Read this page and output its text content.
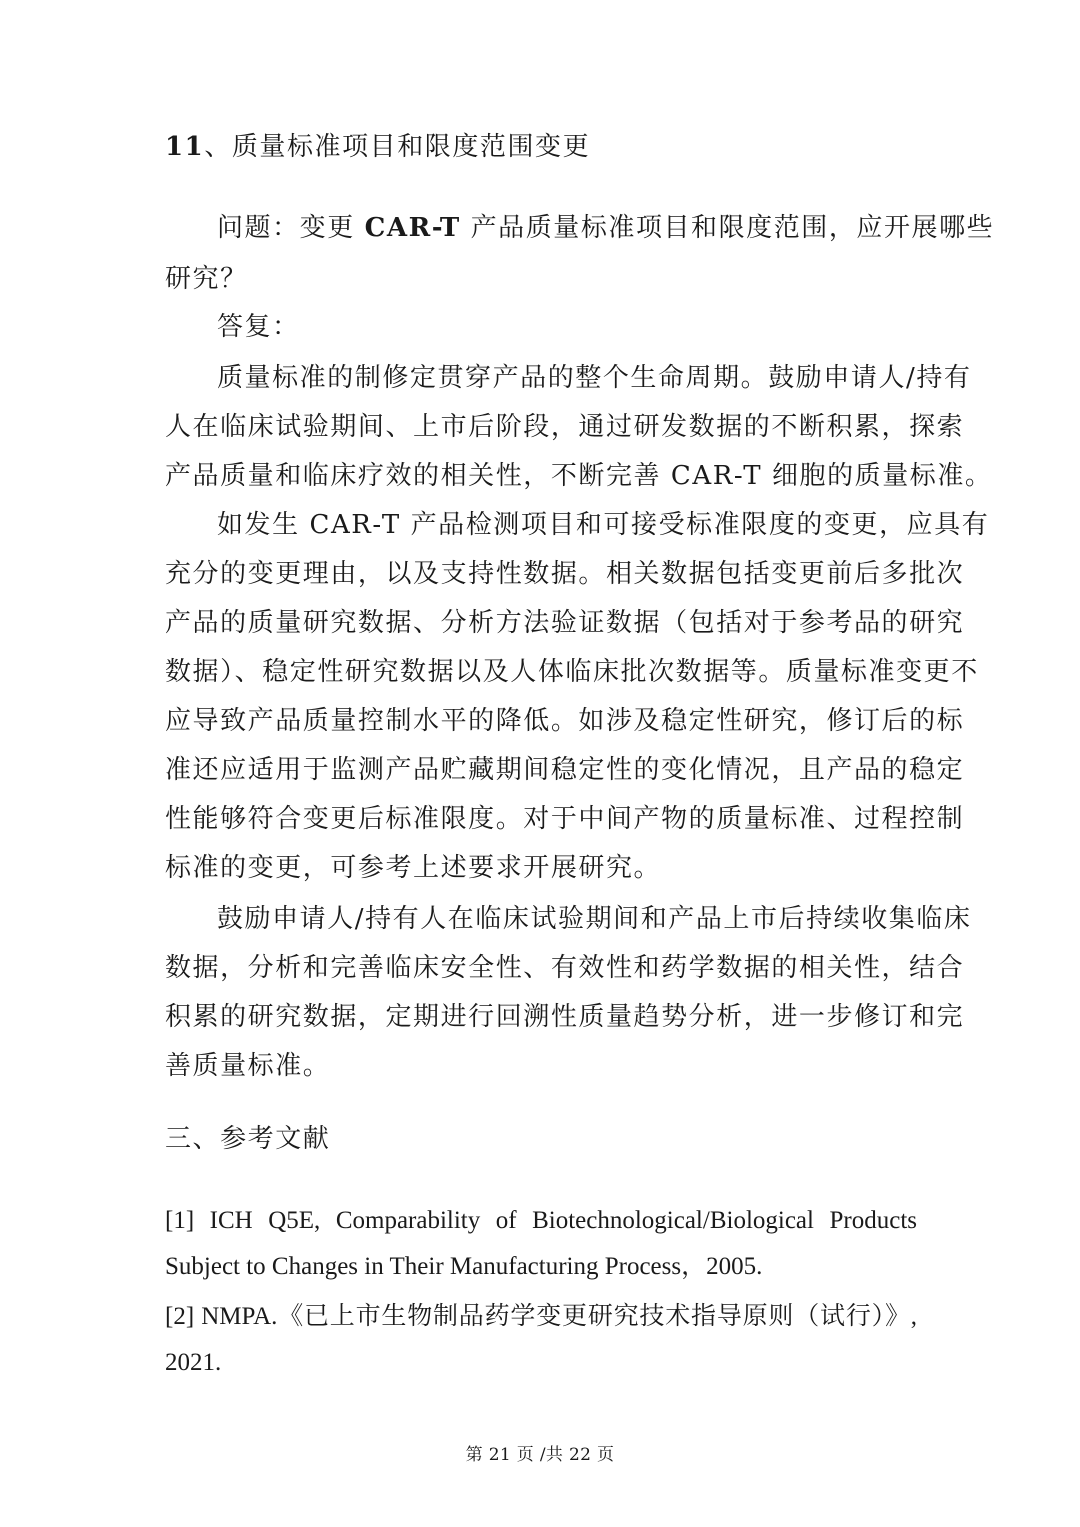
11、质量标准项目和限度范围变更
问题：变更 CAR-T 产品质量标准项目和限度范围，应开展哪些
研究？
答复：
质量标准的制修定贯穿产品的整个生命周期。鼓励申请人/持有
人在临床试验期间、上市后阶段，通过研发数据的不断积累，探索
产品质量和临床疗效的相关性，不断完善 CAR-T 细胞的质量标准。
如发生 CAR-T 产品检测项目和可接受标准限度的变更，应具有
充分的变更理由，以及支持性数据。相关数据包括变更前后多批次
产品的质量研究数据、分析方法验证数据（包括对于参考品的研究
数据）、稳定性研究数据以及人体临床批次数据等。质量标准变更不
应导致产品质量控制水平的降低。如涉及稳定性研究，修订后的标
准还应适用于监测产品贮藏期间稳定性的变化情况，且产品的稳定
性能够符合变更后标准限度。对于中间产物的质量标准、过程控制
标准的变更，可参考上述要求开展研究。
鼓励申请人/持有人在临床试验期间和产品上市后持续收集临床
数据，分析和完善临床安全性、有效性和药学数据的相关性，结合
积累的研究数据，定期进行回溯性质量趋势分析，进一步修订和完
善质量标准。
三、参考文献
[1] ICH Q5E, Comparability of Biotechnological/Biological Products
Subject to Changes in Their Manufacturing Process，2005.
[2] NMPA.《已上市生物制品药学变更研究技术指导原则（试行）》,
2021.
第 21 页 /共 22 页
